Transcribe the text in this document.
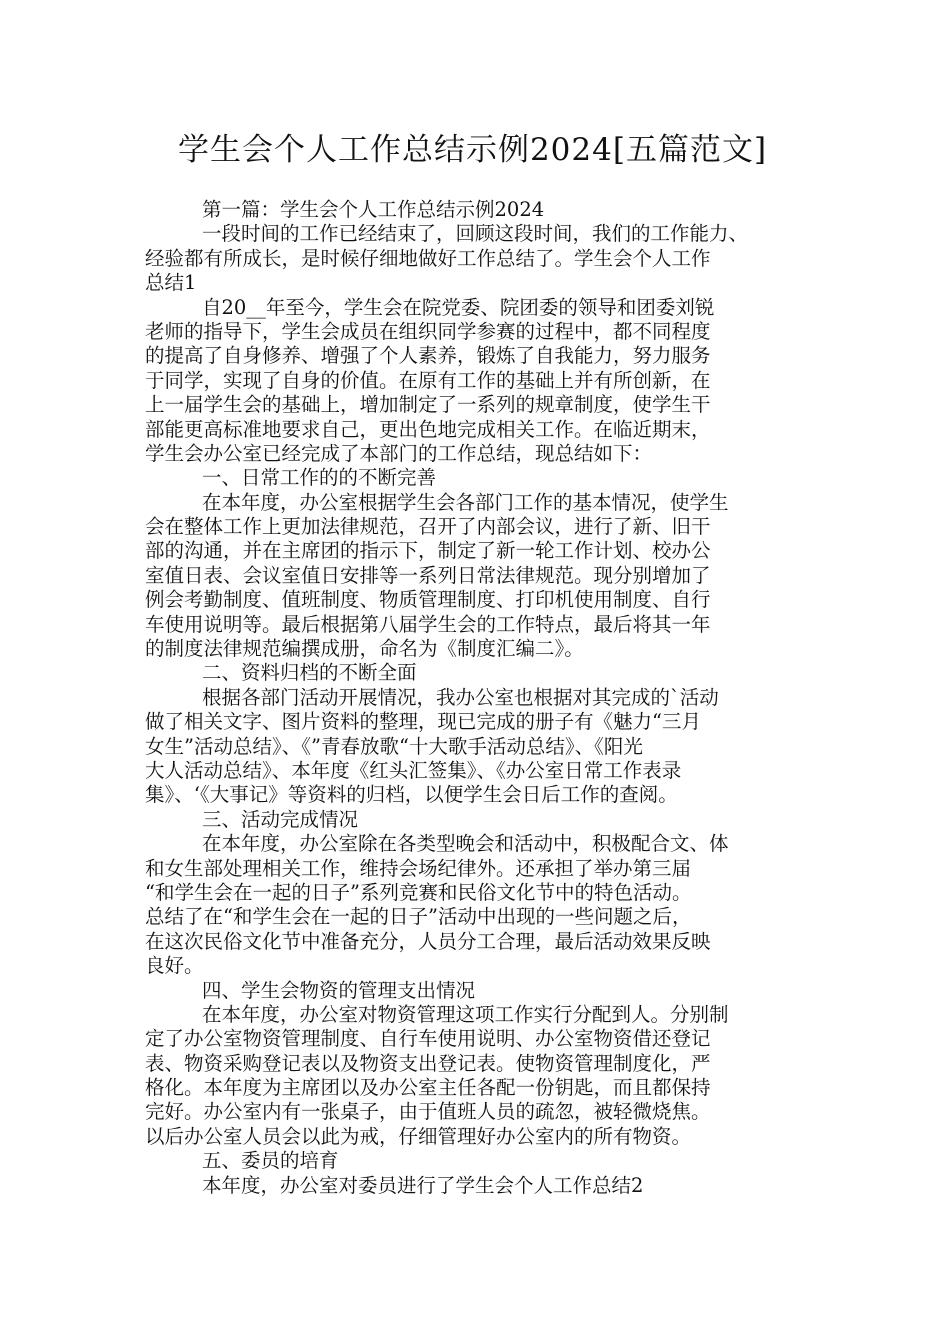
学生会个人工作总结示例2024[五篇范文]
第一篇：学生会个人工作总结示例2024
一段时间的工作已经结束了，回顾这段时间，我们的工作能力、
经验都有所成长，是时候仔细地做好工作总结了。学生会个人工作
总结1
自20__年至今，学生会在院党委、院团委的领导和团委刘锐
老师的指导下，学生会成员在组织同学参赛的过程中，都不同程度
的提高了自身修养、增强了个人素养，锻炼了自我能力，努力服务
于同学，实现了自身的价值。在原有工作的基础上并有所创新，在
上一届学生会的基础上，增加制定了一系列的规章制度，使学生干
部能更高标准地要求自己，更出色地完成相关工作。在临近期末，
学生会办公室已经完成了本部门的工作总结，现总结如下：
一、日常工作的的不断完善
在本年度，办公室根据学生会各部门工作的基本情况，使学生
会在整体工作上更加法律规范，召开了内部会议，进行了新、旧干
部的沟通，并在主席团的指示下，制定了新一轮工作计划、校办公
室值日表、会议室值日安排等一系列日常法律规范。现分别增加了
例会考勤制度、值班制度、物质管理制度、打印机使用制度、自行
车使用说明等。最后根据第八届学生会的工作特点，最后将其一年
的制度法律规范编撰成册，命名为《制度汇编二》。
二、资料归档的不断全面
根据各部门活动开展情况，我办公室也根据对其完成的`活动
做了相关文字、图片资料的整理，现已完成的册子有《魅力“三月
女生”活动总结》、《”青春放歌“十大歌手活动总结》、《阳光
大人活动总结》、本年度《红头汇签集》、《办公室日常工作表录
集》、‘《大事记》等资料的归档，以便学生会日后工作的查阅。
三、活动完成情况
在本年度，办公室除在各类型晚会和活动中，积极配合文、体
和女生部处理相关工作，维持会场纪律外。还承担了举办第三届
“和学生会在一起的日子”系列竞赛和民俗文化节中的特色活动。
总结了在“和学生会在一起的日子”活动中出现的一些问题之后，
在这次民俗文化节中准备充分，人员分工合理，最后活动效果反映
良好。
四、学生会物资的管理支出情况
在本年度，办公室对物资管理这项工作实行分配到人。分别制
定了办公室物资管理制度、自行车使用说明、办公室物资借还登记
表、物资采购登记表以及物资支出登记表。使物资管理制度化，严
格化。本年度为主席团以及办公室主任各配一份钥匙，而且都保持
完好。办公室内有一张桌子，由于值班人员的疏忽，被轻微烧焦。
以后办公室人员会以此为戒，仔细管理好办公室内的所有物资。
五、委员的培育
本年度，办公室对委员进行了学生会个人工作总结2
